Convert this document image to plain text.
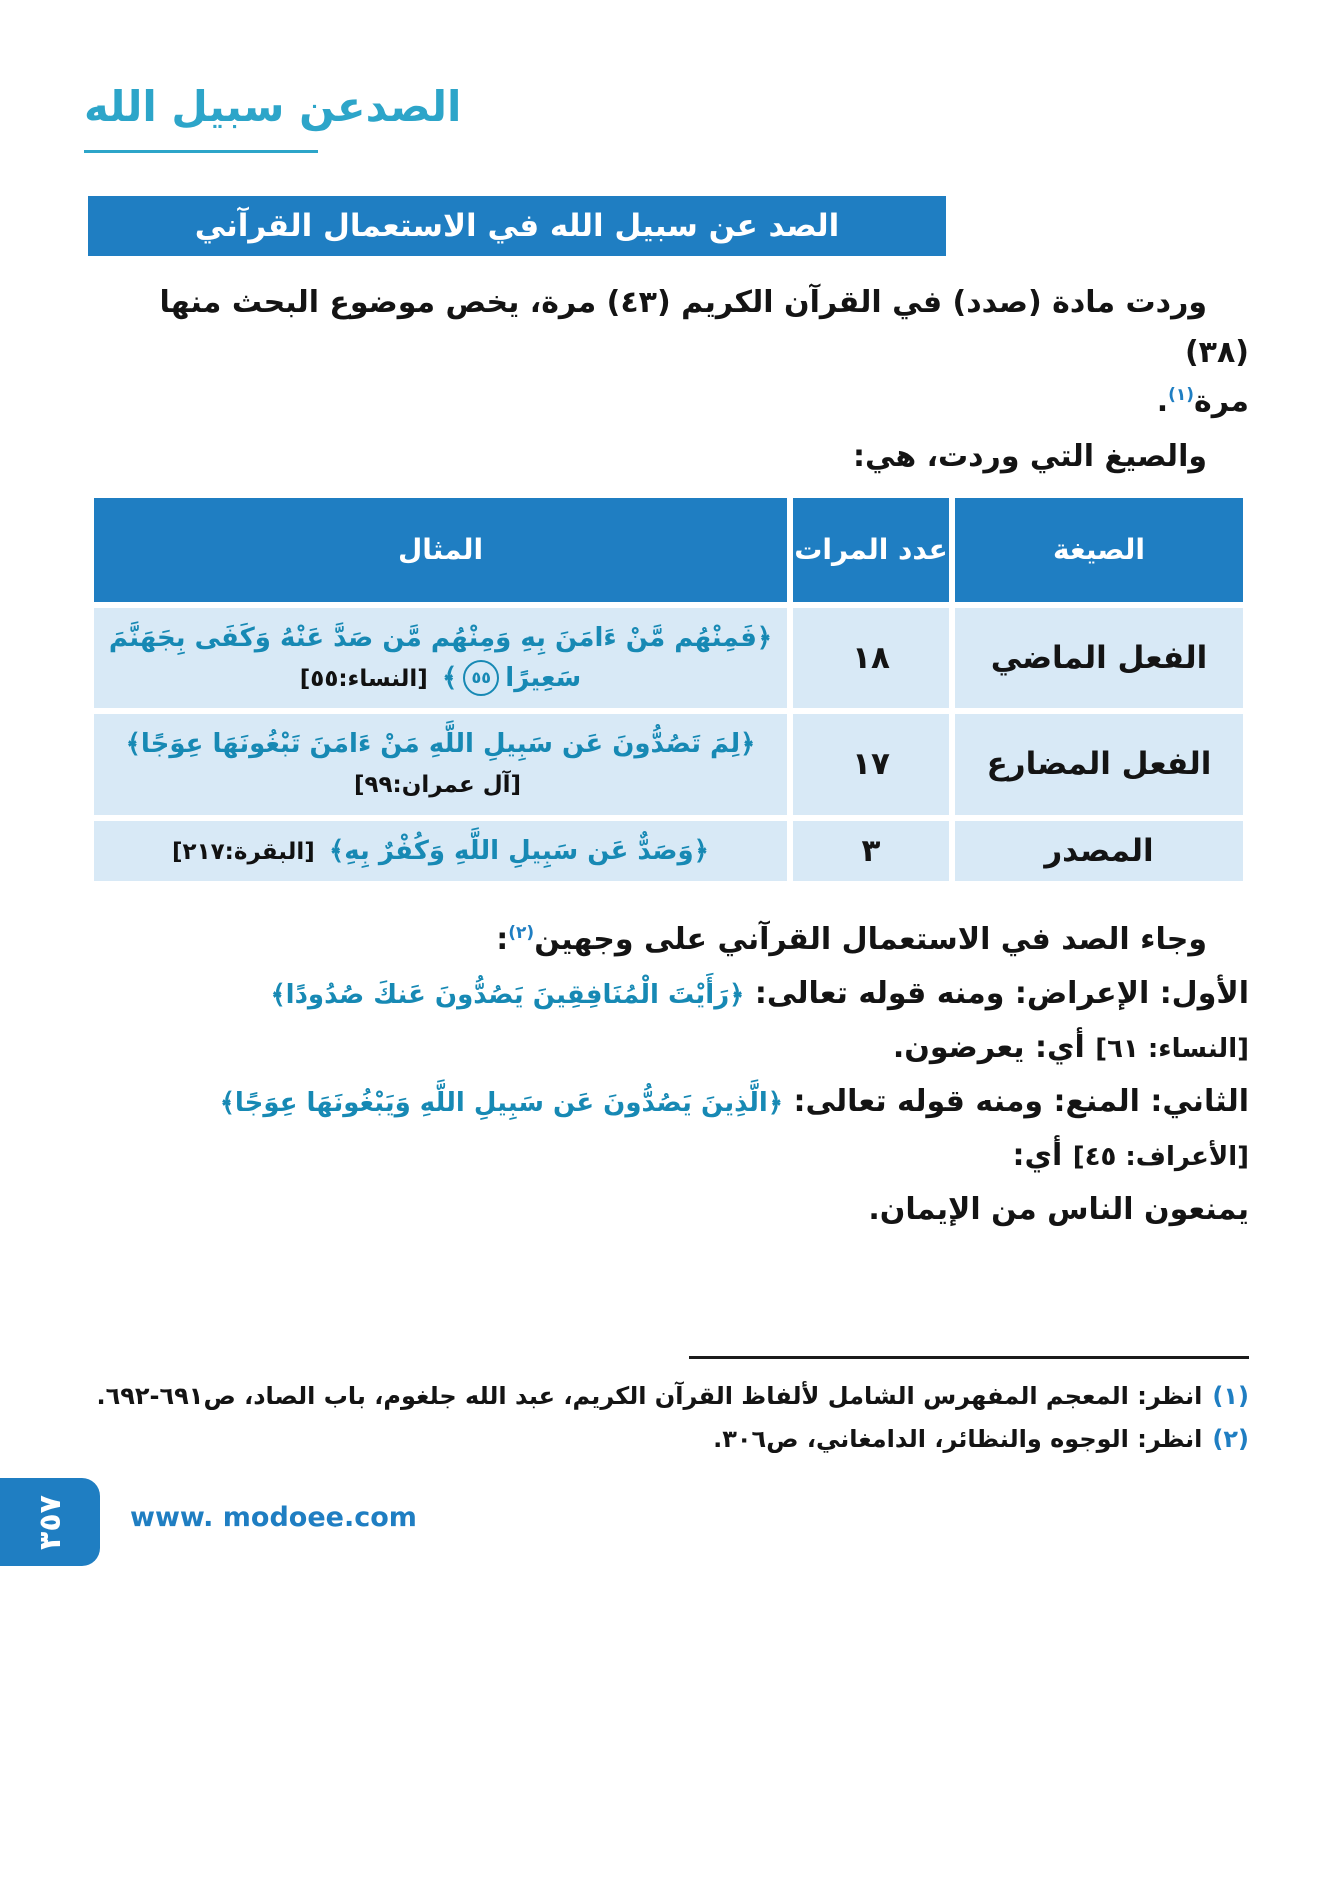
الصدعن سبيل الله
الصد عن سبيل الله في الاستعمال القرآني

وردت مادة (صدد) في القرآن الكريم (٤٣) مرة، يخص موضوع البحث منها (٣٨)
مرة$^{(١)}$.

والصيغ التي وردت، هي:

الصيغة	عدد المرات	المثال
الفعل الماضي	١٨	﴿فَمِنْهُم مَّنْ ءَامَنَ بِهِ وَمِنْهُم مَّن صَدَّ عَنْهُ وَكَفَى بِجَهَنَّمَ سَعِيرًا٥٥﴾ [النساء:٥٥]
الفعل المضارع	١٧	﴿لِمَ تَصُدُّونَ عَن سَبِيلِ اللَّهِ مَنْ ءَامَنَ تَبْغُونَهَا عِوَجًا﴾ [آل عمران:٩٩]
المصدر	٣	﴿وَصَدٌّ عَن سَبِيلِ اللَّهِ وَكُفْرٌ بِهِ﴾ [البقرة:٢١٧]
وجاء الصد في الاستعمال القرآني على وجهين$^{(٢)}$:
الأول: الإعراض: ومنه قوله تعالى: ﴿رَأَيْتَ الْمُنَافِقِينَ يَصُدُّونَ عَنكَ صُدُودًا﴾
[النساء: ٦١] أي: يعرضون.
الثاني: المنع: ومنه قوله تعالى: ﴿الَّذِينَ يَصُدُّونَ عَن سَبِيلِ اللَّهِ وَيَبْغُونَهَا عِوَجًا﴾ [الأعراف: ٤٥] أي:
يمنعون الناس من الإيمان.
(١)انظر: المعجم المفهرس الشامل لألفاظ القرآن الكريم، عبد الله جلغوم، باب الصاد، ص٦٩١-٦٩٢.
(٢)انظر: الوجوه والنظائر، الدامغاني، ص٣٠٦.
٣٥٧ www. modoee.com
